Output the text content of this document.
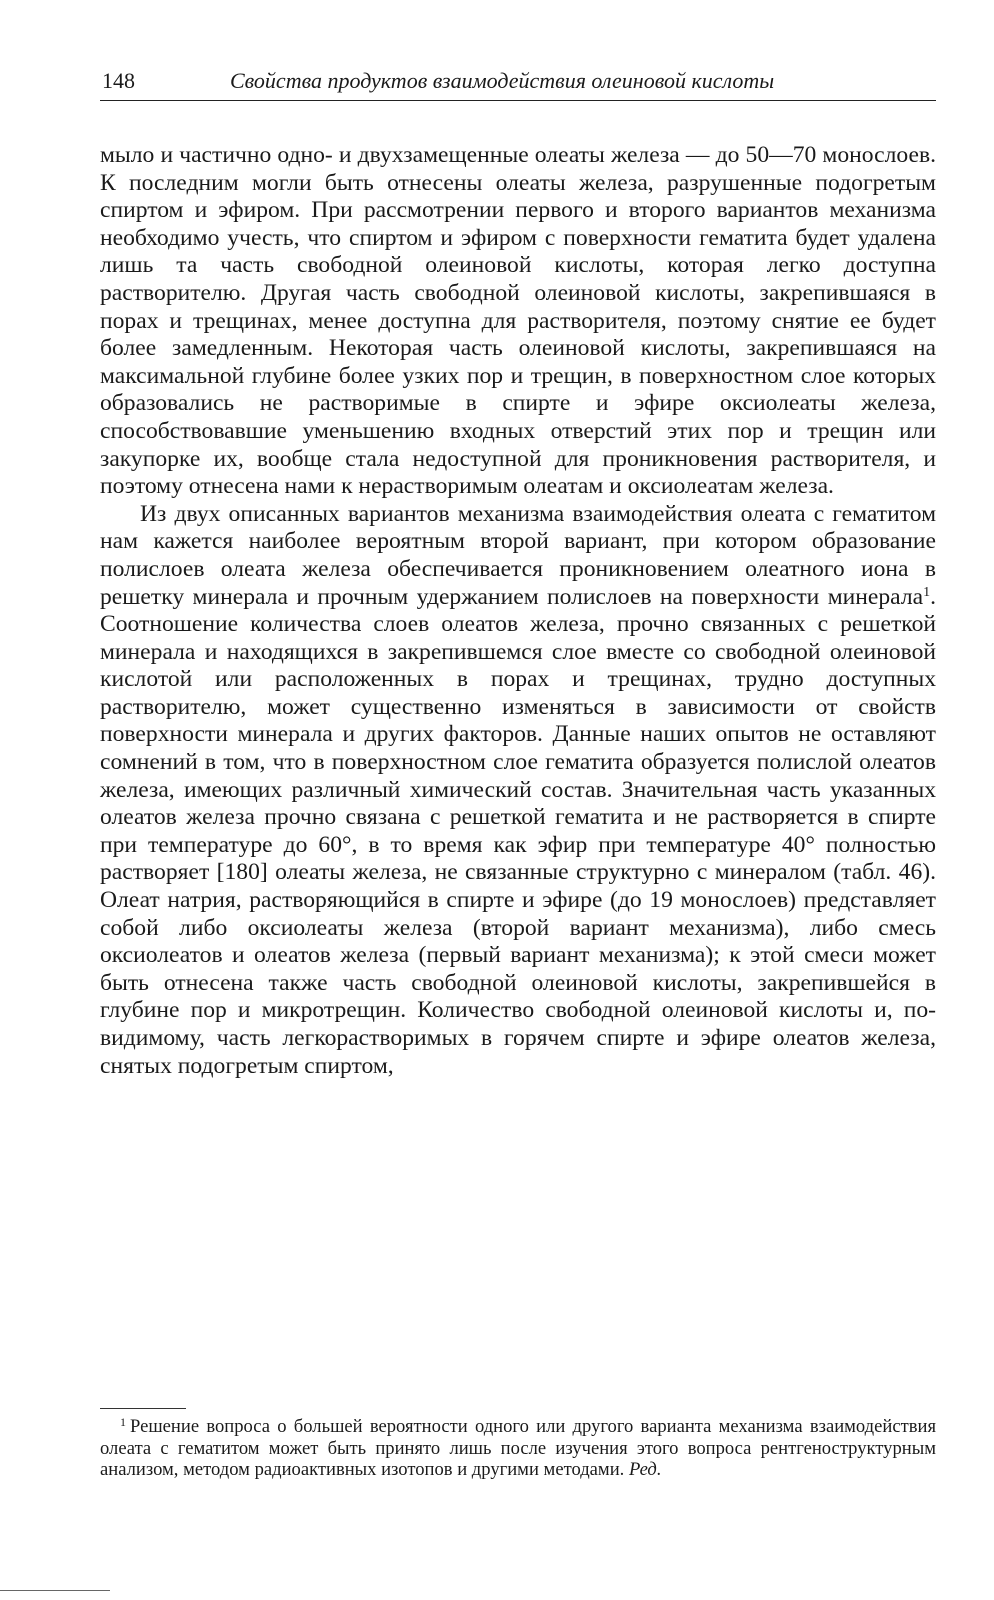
148	Свойства продуктов взаимодействия олеиновой кислоты

мыло и частично одно- и двухзамещенные олеаты железа — до 50—70 монослоев. К последним могли быть отнесены олеаты железа, разрушенные подогретым спиртом и эфиром. При рассмотрении первого и второго вариантов механизма необходимо учесть, что спиртом и эфиром с поверхности гематита будет удалена лишь та часть свободной олеиновой кислоты, которая легко доступна растворителю. Другая часть свободной олеиновой кислоты, закрепившаяся в порах и трещинах, менее доступна для растворителя, поэтому снятие ее будет более замедленным. Некоторая часть олеиновой кислоты, закрепившаяся на максимальной глубине более узких пор и трещин, в поверхностном слое которых образовались не растворимые в спирте и эфире оксиолеаты железа, способствовавшие уменьшению входных отверстий этих пор и трещин или закупорке их, вообще стала недоступной для проникновения растворителя, и поэтому отнесена нами к нерастворимым олеатам и оксиолеатам железа.

Из двух описанных вариантов механизма взаимодействия олеата с гематитом нам кажется наиболее вероятным второй вариант, при котором образование полислоев олеата железа обеспечивается проникновением олеатного иона в решетку минерала и прочным удержанием полислоев на поверхности минерала$^1$. Соотношение количества слоев олеатов железа, прочно связанных с решеткой минерала и находящихся в закрепившемся слое вместе со свободной олеиновой кислотой или расположенных в порах и трещинах, трудно доступных растворителю, может существенно изменяться в зависимости от свойств поверхности минерала и других факторов. Данные наших опытов не оставляют сомнений в том, что в поверхностном слое гематита образуется полислой олеатов железа, имеющих различный химический состав. Значительная часть указанных олеатов железа прочно связана с решеткой гематита и не растворяется в спирте при температуре до 60°, в то время как эфир при температуре 40° полностью растворяет [180] олеаты железа, не связанные структурно с минералом (табл. 46). Олеат натрия, растворяющийся в спирте и эфире (до 19 монослоев) представляет собой либо оксиолеаты железа (второй вариант механизма), либо смесь оксиолеатов и олеатов железа (первый вариант механизма); к этой смеси может быть отнесена также часть свободной олеиновой кислоты, закрепившейся в глубине пор и микротрещин. Количество свободной олеиновой кислоты и, по-видимому, часть легкорастворимых в горячем спирте и эфире олеатов железа, снятых подогретым спиртом,

$^1$ Решение вопроса о большей вероятности одного или другого варианта механизма взаимодействия олеата с гематитом может быть принято лишь после изучения этого вопроса рентгеноструктурным анализом, методом радиоактивных изотопов и другими методами. Ред.
